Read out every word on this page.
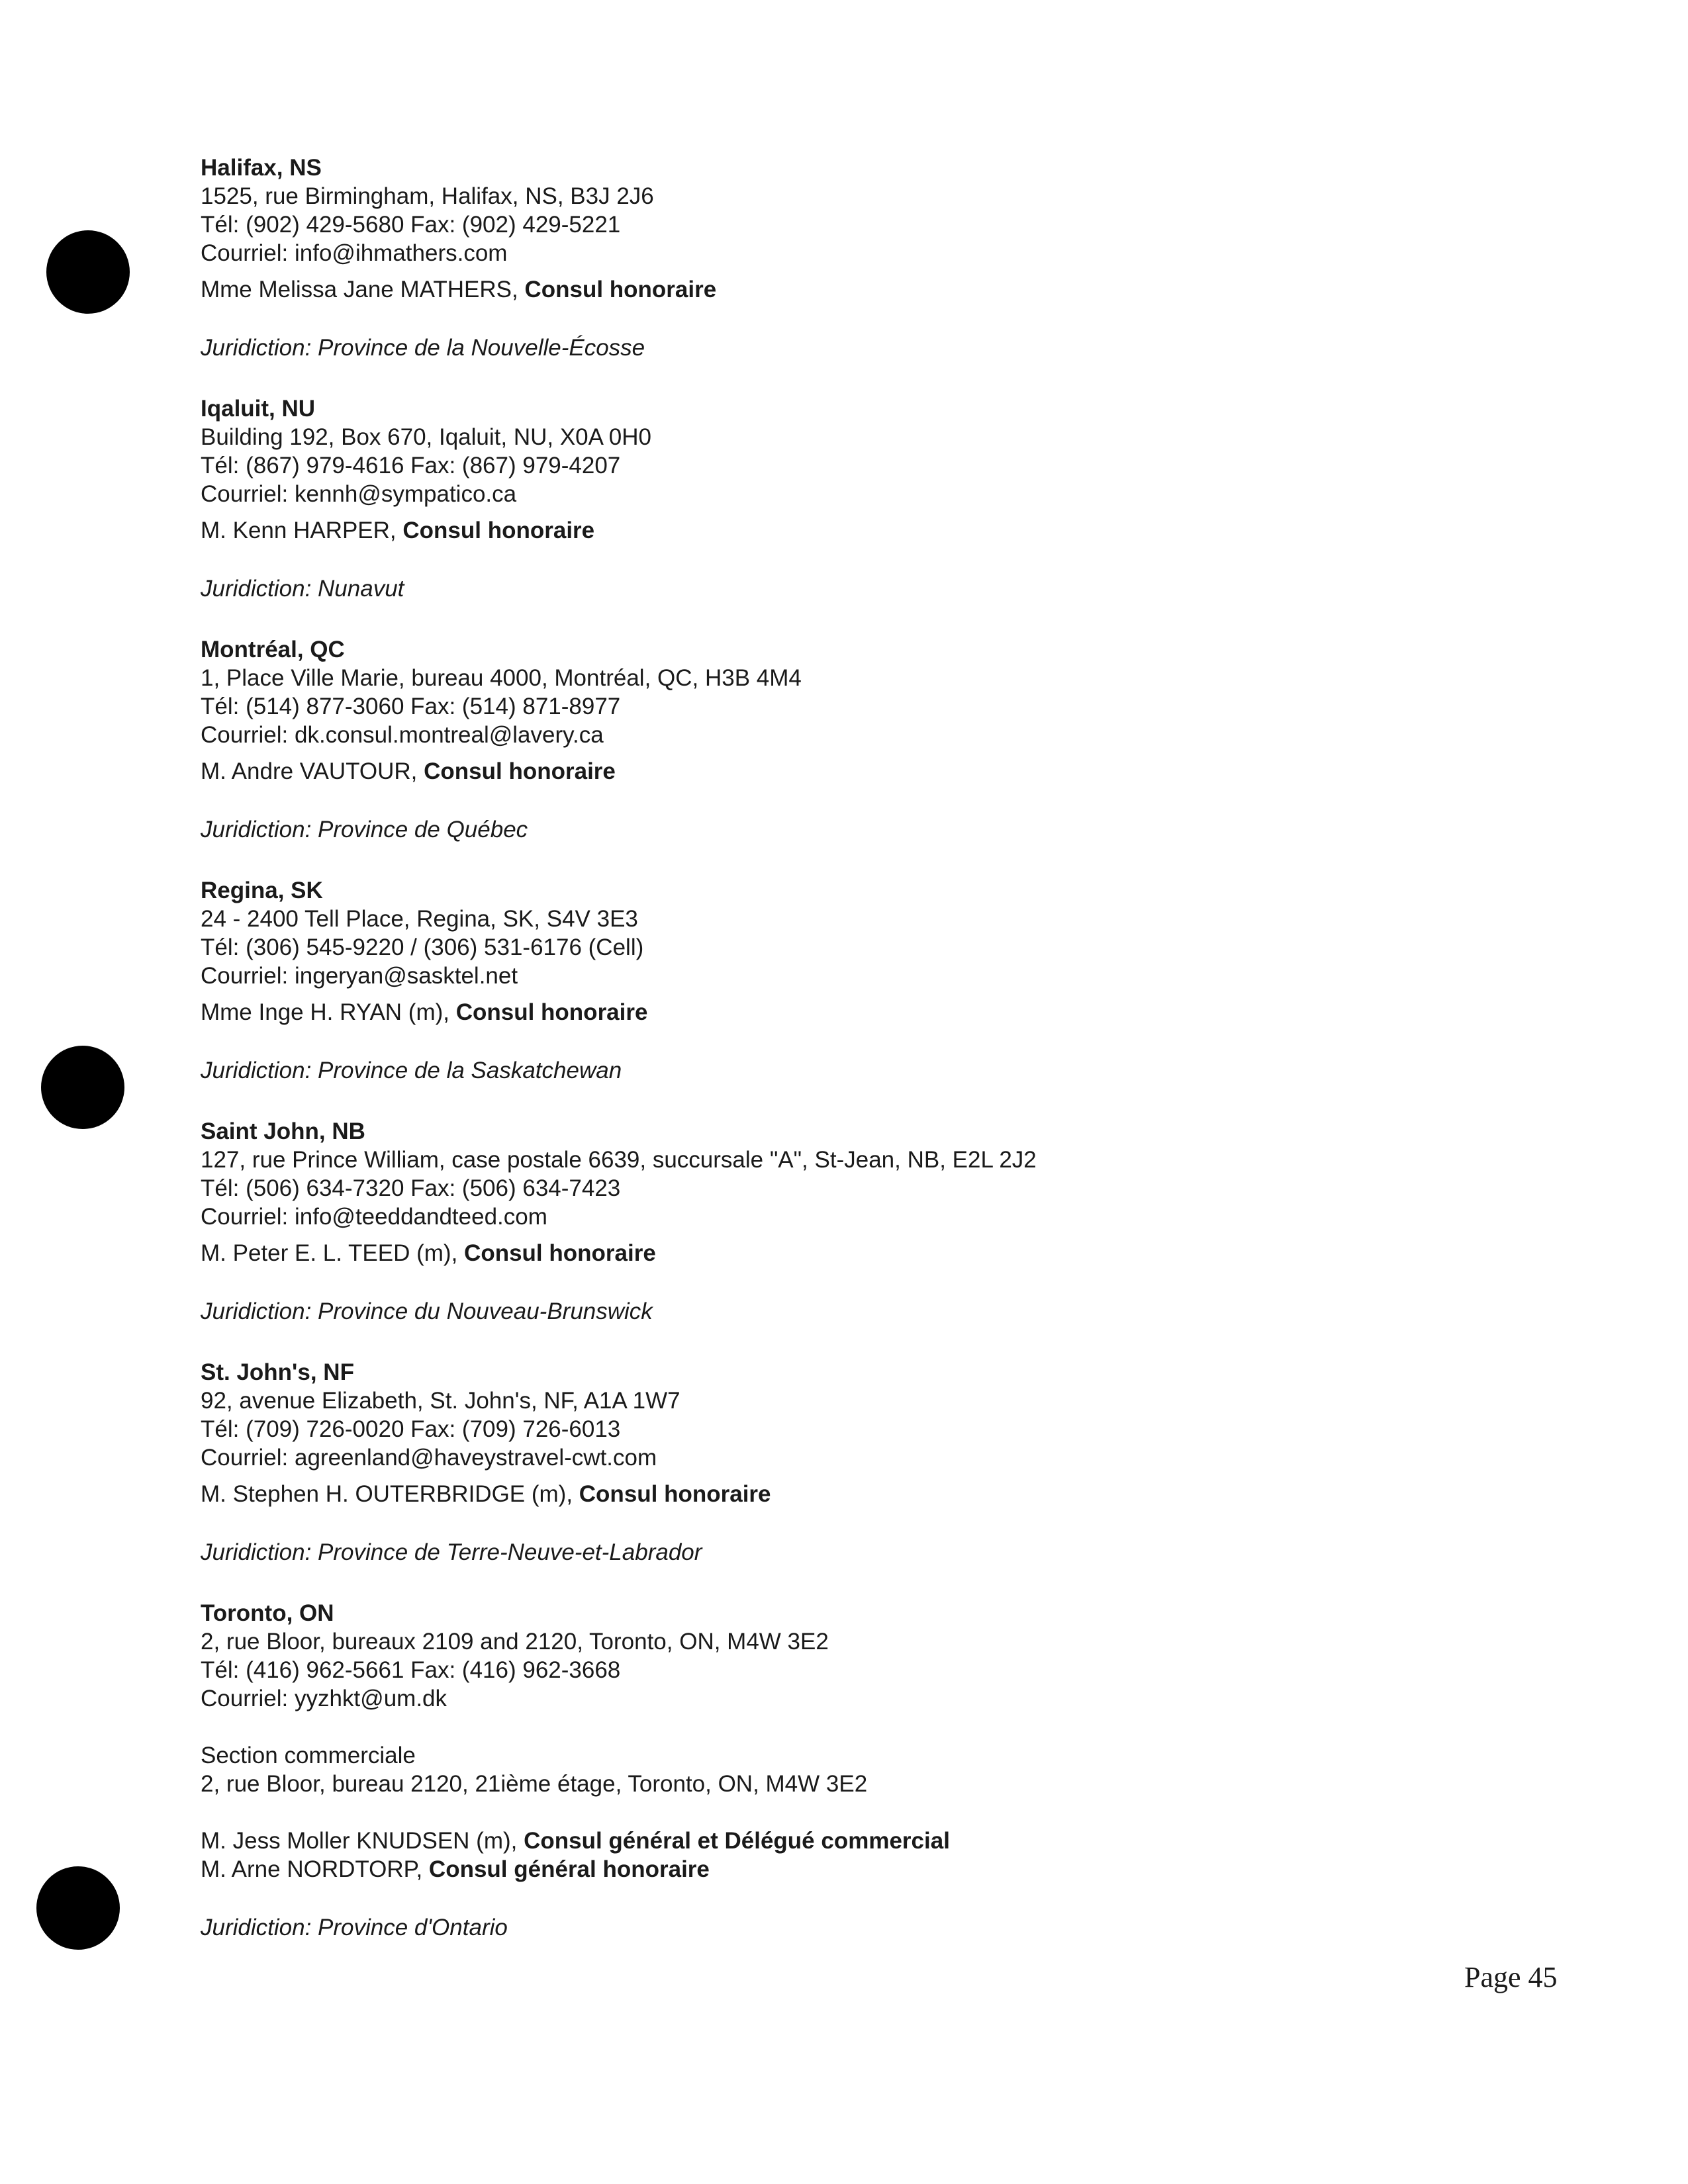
Halifax, NS
1525, rue Birmingham, Halifax, NS, B3J 2J6
Tél: (902) 429-5680 Fax: (902) 429-5221
Courriel: info@ihmathers.com
Mme Melissa Jane MATHERS, Consul honoraire
Juridiction: Province de la Nouvelle-Écosse
Iqaluit, NU
Building 192, Box 670, Iqaluit, NU, X0A 0H0
Tél: (867) 979-4616 Fax: (867) 979-4207
Courriel: kennh@sympatico.ca
M. Kenn HARPER, Consul honoraire
Juridiction: Nunavut
Montréal, QC
1, Place Ville Marie, bureau 4000, Montréal, QC, H3B 4M4
Tél: (514) 877-3060 Fax: (514) 871-8977
Courriel: dk.consul.montreal@lavery.ca
M. Andre VAUTOUR, Consul honoraire
Juridiction: Province de Québec
Regina, SK
24 - 2400 Tell Place, Regina, SK, S4V 3E3
Tél: (306) 545-9220 / (306) 531-6176 (Cell)
Courriel: ingeryan@sasktel.net
Mme Inge H. RYAN (m), Consul honoraire
Juridiction: Province de la Saskatchewan
Saint John, NB
127, rue Prince William, case postale 6639, succursale "A", St-Jean, NB, E2L 2J2
Tél: (506) 634-7320 Fax: (506) 634-7423
Courriel: info@teeddandteed.com
M. Peter E. L. TEED (m), Consul honoraire
Juridiction: Province du Nouveau-Brunswick
St. John's, NF
92, avenue Elizabeth, St. John's, NF, A1A 1W7
Tél: (709) 726-0020 Fax: (709) 726-6013
Courriel: agreenland@haveystravel-cwt.com
M. Stephen H. OUTERBRIDGE (m), Consul honoraire
Juridiction: Province de Terre-Neuve-et-Labrador
Toronto, ON
2, rue Bloor, bureaux 2109 and 2120, Toronto, ON, M4W 3E2
Tél: (416) 962-5661 Fax: (416) 962-3668
Courriel: yyzhkt@um.dk
Section commerciale
2, rue Bloor, bureau 2120, 21ième étage, Toronto, ON, M4W 3E2
M. Jess Moller KNUDSEN (m), Consul général et Délégué commercial
M. Arne NORDTORP, Consul général honoraire
Juridiction: Province d'Ontario
Page 45
